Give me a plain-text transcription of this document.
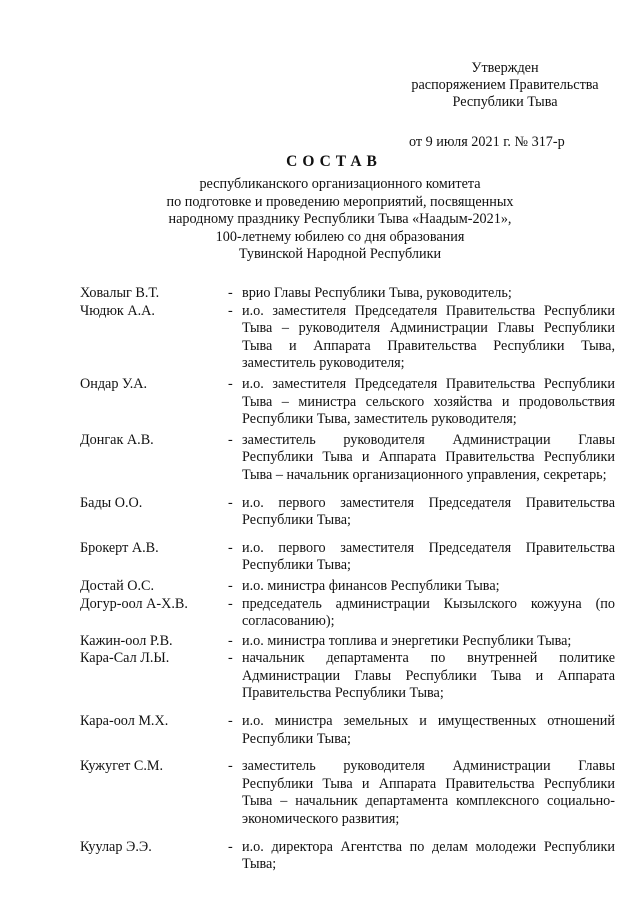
Утвержден
распоряжением Правительства
Республики Тыва
от 9 июля 2021 г. № 317-р
СОСТАВ
республиканского организационного комитета
по подготовке и проведению мероприятий, посвященных
народному празднику Республики Тыва «Наадым-2021»,
100-летнему юбилею со дня образования
Тувинской Народной Республики
Ховалыг В.Т.	- врио Главы Республики Тыва, руководитель;
Чюдюк А.А.	- и.о. заместителя Председателя Правительства Республики Тыва – руководителя Администрации Главы Республики Тыва и Аппарата Правительства Республики Тыва, заместитель руководителя;
Ондар У.А.	- и.о. заместителя Председателя Правительства Республики Тыва – министра сельского хозяйства и продовольствия Республики Тыва, заместитель руководителя;
Донгак А.В.	- заместитель руководителя Администрации Главы Республики Тыва и Аппарата Правительства Республики Тыва – начальник организационного управления, секретарь;
Бады О.О.	- и.о. первого заместителя Председателя Правительства Республики Тыва;
Брокерт А.В.	- и.о. первого заместителя Председателя Правительства Республики Тыва;
Достай О.С.	- и.о. министра финансов Республики Тыва;
Догур-оол А-Х.В.	- председатель администрации Кызылского кожууна (по согласованию);
Кажин-оол Р.В.	- и.о. министра топлива и энергетики Республики Тыва;
Кара-Сал Л.Ы.	- начальник департамента по внутренней политике Администрации Главы Республики Тыва и Аппарата Правительства Республики Тыва;
Кара-оол М.Х.	- и.о. министра земельных и имущественных отношений Республики Тыва;
Кужугет С.М.	- заместитель руководителя Администрации Главы Республики Тыва и Аппарата Правительства Республики Тыва – начальник департамента комплексного социально-экономического развития;
Куулар Э.Э.	- и.о. директора Агентства по делам молодежи Республики Тыва;
